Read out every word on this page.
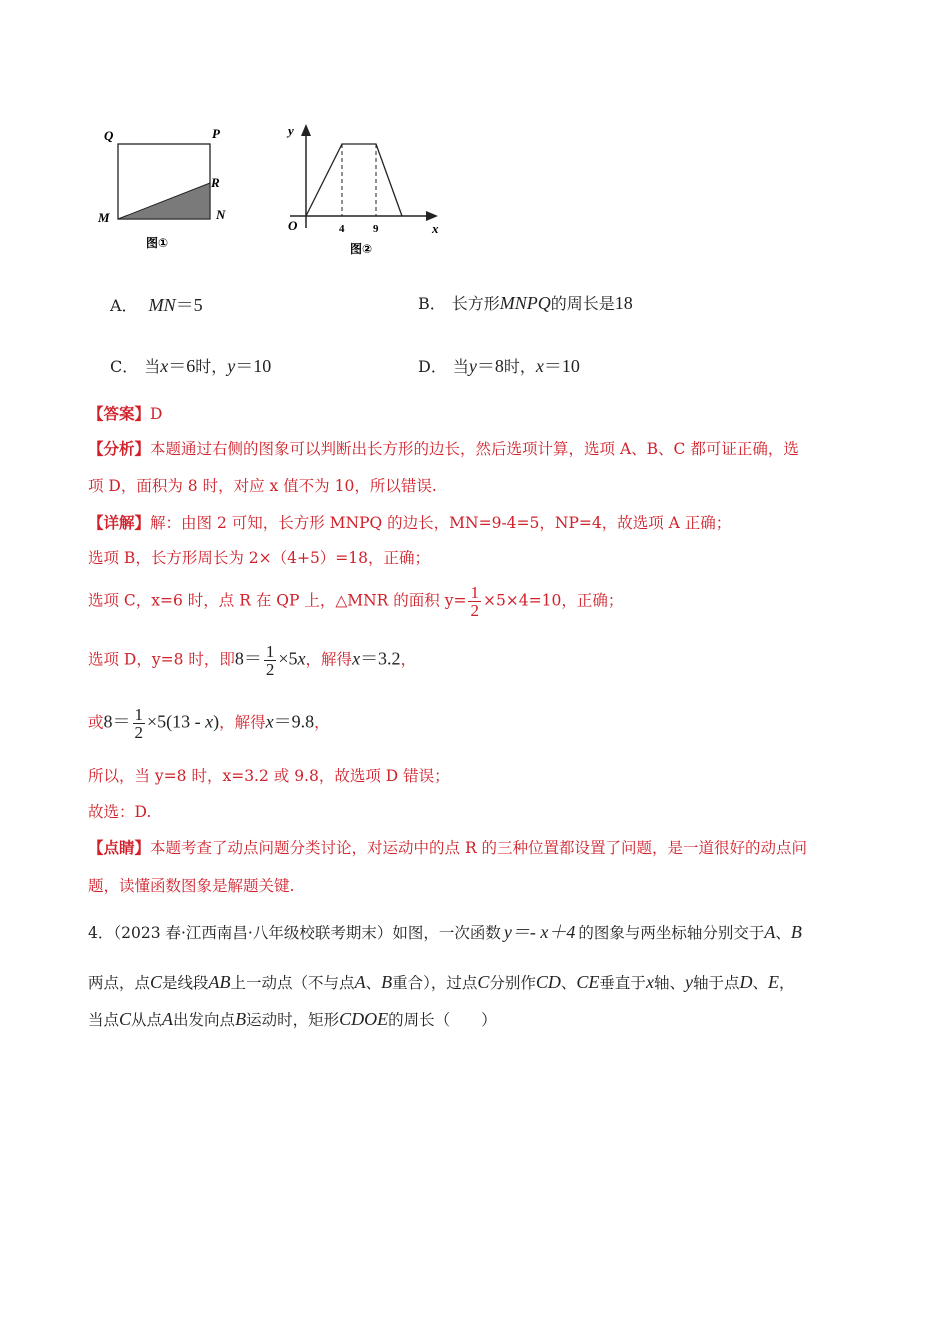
Q	P
R
M	N
图①
y
x
O	4	9
图②
A． MN＝5	B． 长方形MNPQ的周长是18
C． 当x＝6时，y＝10	D． 当y＝8时，x＝10
【答案】D
【分析】本题通过右侧的图象可以判断出长方形的边长，然后选项计算，选项 A、B、C 都可证正确，选
项 D，面积为 8 时，对应 x 值不为 10，所以错误.
【详解】解：由图 2 可知，长方形 MNPQ 的边长，MN=9-4=5，NP=4，故选项 A 正确；
选项 B，长方形周长为 2×（4+5）=18，正确；
选项 C，x=6 时，点 R 在 QP 上，△MNR 的面积 $y= \frac{1}{2} \times 5\times 4=10$，正确；
选项 D，y=8 时，即$8= \frac{1}{2} \times 5x$，解得x＝3.2，
或$8= \frac{1}{2} \times 5(13 - x)$，解得x＝9.8，
所以，当 y=8 时，x=3.2 或 9.8，故选项 D 错误；
故选：D.
【点睛】本题考查了动点问题分类讨论，对运动中的点 R 的三种位置都设置了问题，是一道很好的动点问
题，读懂函数图象是解题关键.
4．（2023 春·江西南昌·八年级校联考期末）如图，一次函数 y＝- x＋4 的图象与两坐标轴分别交于A、B
两点，点C是线段AB上一动点（不与点A、B重合），过点C分别作CD、CE垂直于x轴、y轴于点D、E，
当点C从点A出发向点B运动时，矩形CDOE的周长（　　）
